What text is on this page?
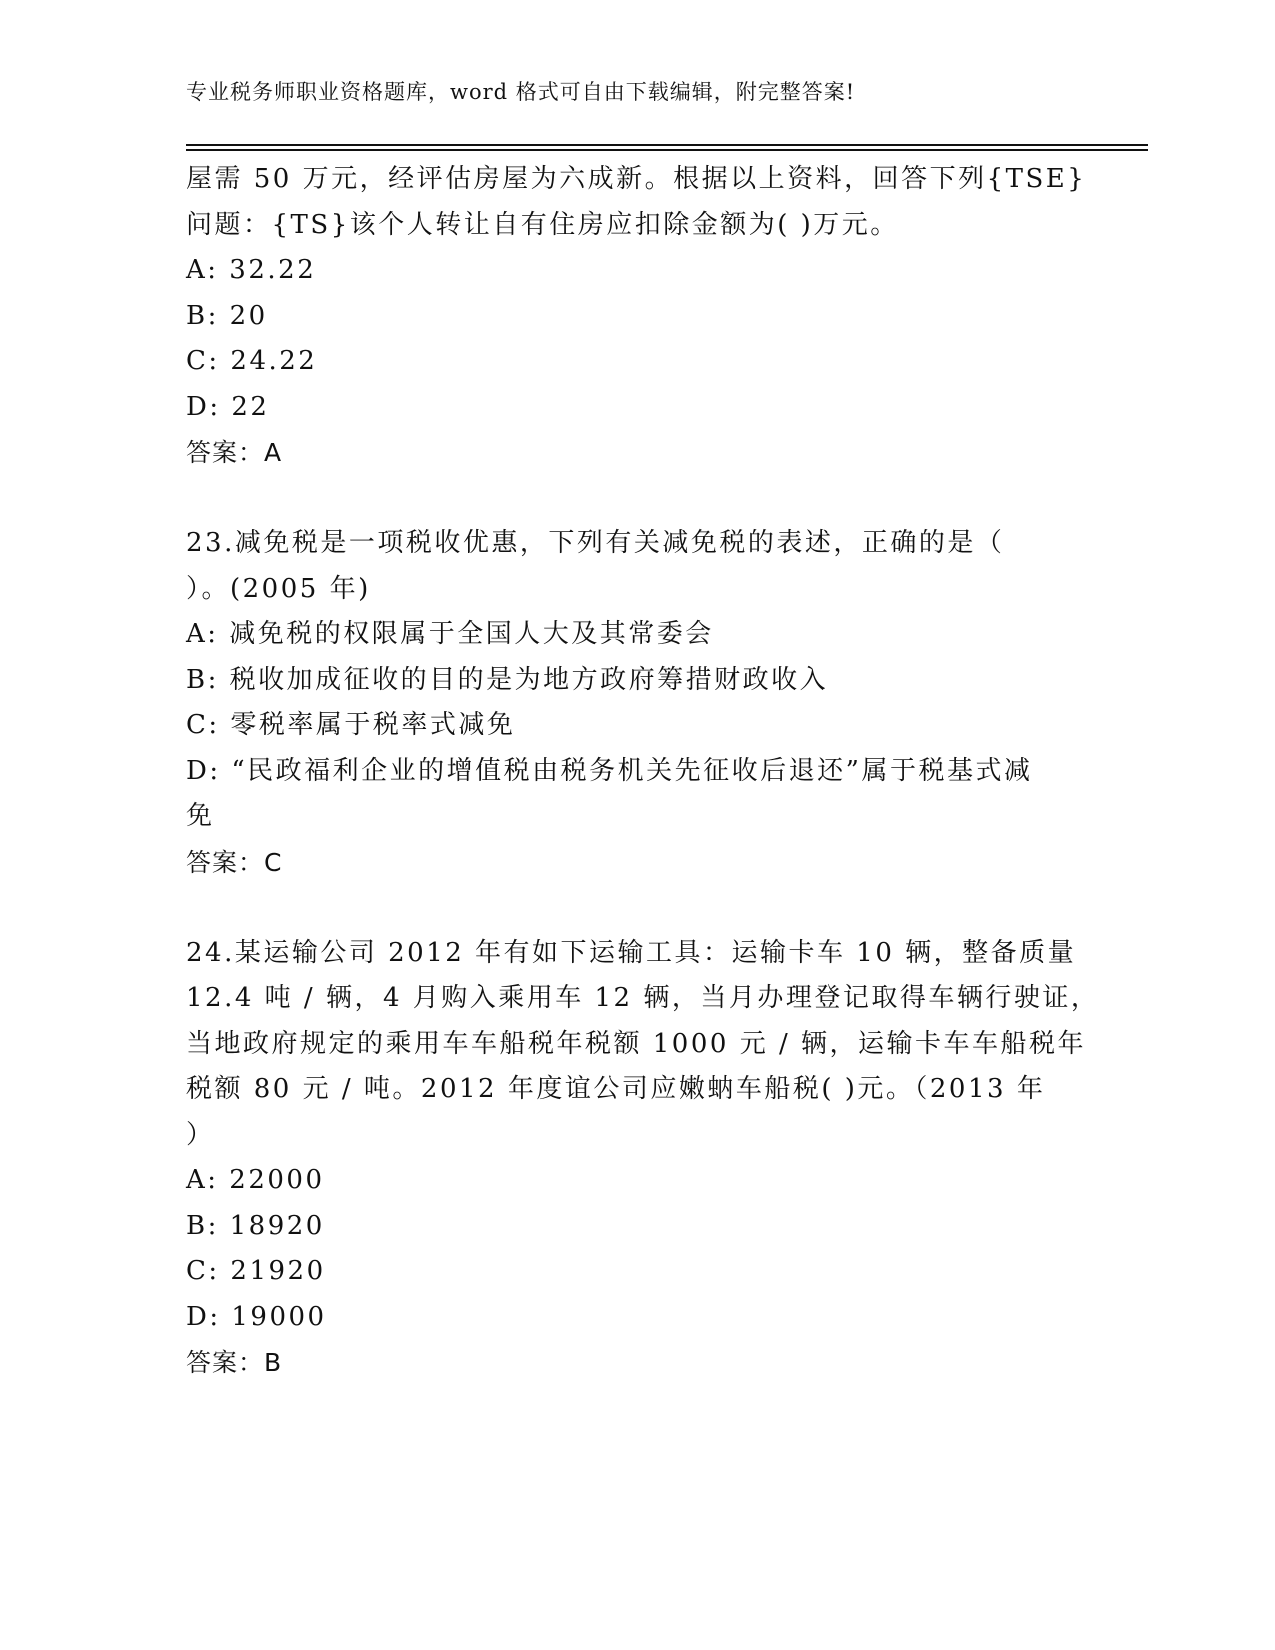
专业税务师职业资格题库，word 格式可自由下载编辑，附完整答案!
屋需 50 万元，经评估房屋为六成新。根据以上资料，回答下列{TSE}
问题：{TS}该个人转让自有住房应扣除金额为( )万元。
A: 32.22
B: 20
C: 24.22
D: 22
答案：A
23.减免税是一项税收优惠，下列有关减免税的表述，正确的是（
）。(2005 年)
A: 减免税的权限属于全国人大及其常委会
B: 税收加成征收的目的是为地方政府筹措财政收入
C: 零税率属于税率式减免
D: “民政福利企业的增值税由税务机关先征收后退还”属于税基式减
免
答案：C
24.某运输公司 2012 年有如下运输工具：运输卡车 10 辆，整备质量
12.4 吨 / 辆，4 月购入乘用车 12 辆，当月办理登记取得车辆行驶证，
当地政府规定的乘用车车船税年税额 1000 元 / 辆，运输卡车车船税年
税额 80 元 / 吨。2012 年度谊公司应嫩蚋车船税( )元。（2013 年
）
A: 22000
B: 18920
C: 21920
D: 19000
答案：B
